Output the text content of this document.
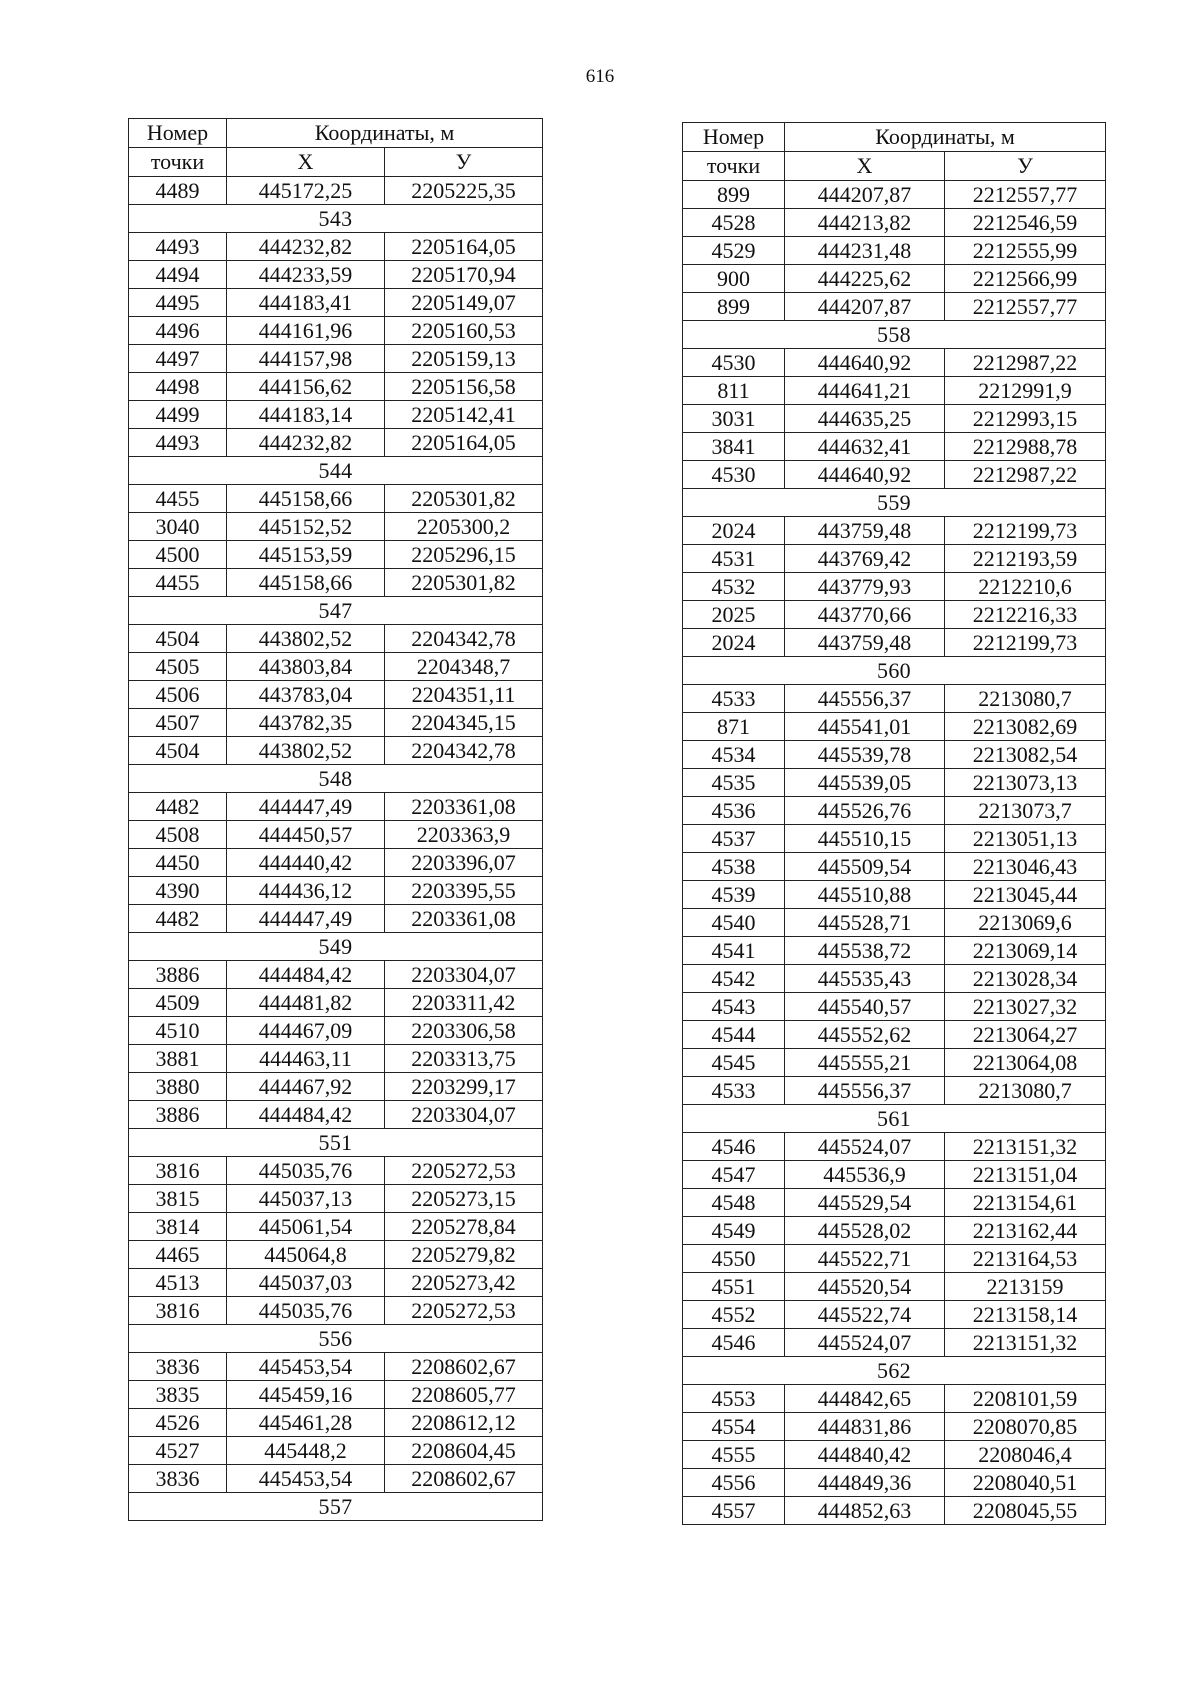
616
Номер	Координаты, м	
точки	X	У
4489	445172,25	2205225,35
543		
4493	444232,82	2205164,05
4494	444233,59	2205170,94
4495	444183,41	2205149,07
4496	444161,96	2205160,53
4497	444157,98	2205159,13
4498	444156,62	2205156,58
4499	444183,14	2205142,41
4493	444232,82	2205164,05
544		
4455	445158,66	2205301,82
3040	445152,52	2205300,2
4500	445153,59	2205296,15
4455	445158,66	2205301,82
547		
4504	443802,52	2204342,78
4505	443803,84	2204348,7
4506	443783,04	2204351,11
4507	443782,35	2204345,15
4504	443802,52	2204342,78
548		
4482	444447,49	2203361,08
4508	444450,57	2203363,9
4450	444440,42	2203396,07
4390	444436,12	2203395,55
4482	444447,49	2203361,08
549		
3886	444484,42	2203304,07
4509	444481,82	2203311,42
4510	444467,09	2203306,58
3881	444463,11	2203313,75
3880	444467,92	2203299,17
3886	444484,42	2203304,07
551		
3816	445035,76	2205272,53
3815	445037,13	2205273,15
3814	445061,54	2205278,84
4465	445064,8	2205279,82
4513	445037,03	2205273,42
3816	445035,76	2205272,53
556		
3836	445453,54	2208602,67
3835	445459,16	2208605,77
4526	445461,28	2208612,12
4527	445448,2	2208604,45
3836	445453,54	2208602,67
557		
Номер	Координаты, м	
точки	X	У
899	444207,87	2212557,77
4528	444213,82	2212546,59
4529	444231,48	2212555,99
900	444225,62	2212566,99
899	444207,87	2212557,77
558		
4530	444640,92	2212987,22
811	444641,21	2212991,9
3031	444635,25	2212993,15
3841	444632,41	2212988,78
4530	444640,92	2212987,22
559		
2024	443759,48	2212199,73
4531	443769,42	2212193,59
4532	443779,93	2212210,6
2025	443770,66	2212216,33
2024	443759,48	2212199,73
560		
4533	445556,37	2213080,7
871	445541,01	2213082,69
4534	445539,78	2213082,54
4535	445539,05	2213073,13
4536	445526,76	2213073,7
4537	445510,15	2213051,13
4538	445509,54	2213046,43
4539	445510,88	2213045,44
4540	445528,71	2213069,6
4541	445538,72	2213069,14
4542	445535,43	2213028,34
4543	445540,57	2213027,32
4544	445552,62	2213064,27
4545	445555,21	2213064,08
4533	445556,37	2213080,7
561		
4546	445524,07	2213151,32
4547	445536,9	2213151,04
4548	445529,54	2213154,61
4549	445528,02	2213162,44
4550	445522,71	2213164,53
4551	445520,54	2213159
4552	445522,74	2213158,14
4546	445524,07	2213151,32
562		
4553	444842,65	2208101,59
4554	444831,86	2208070,85
4555	444840,42	2208046,4
4556	444849,36	2208040,51
4557	444852,63	2208045,55
